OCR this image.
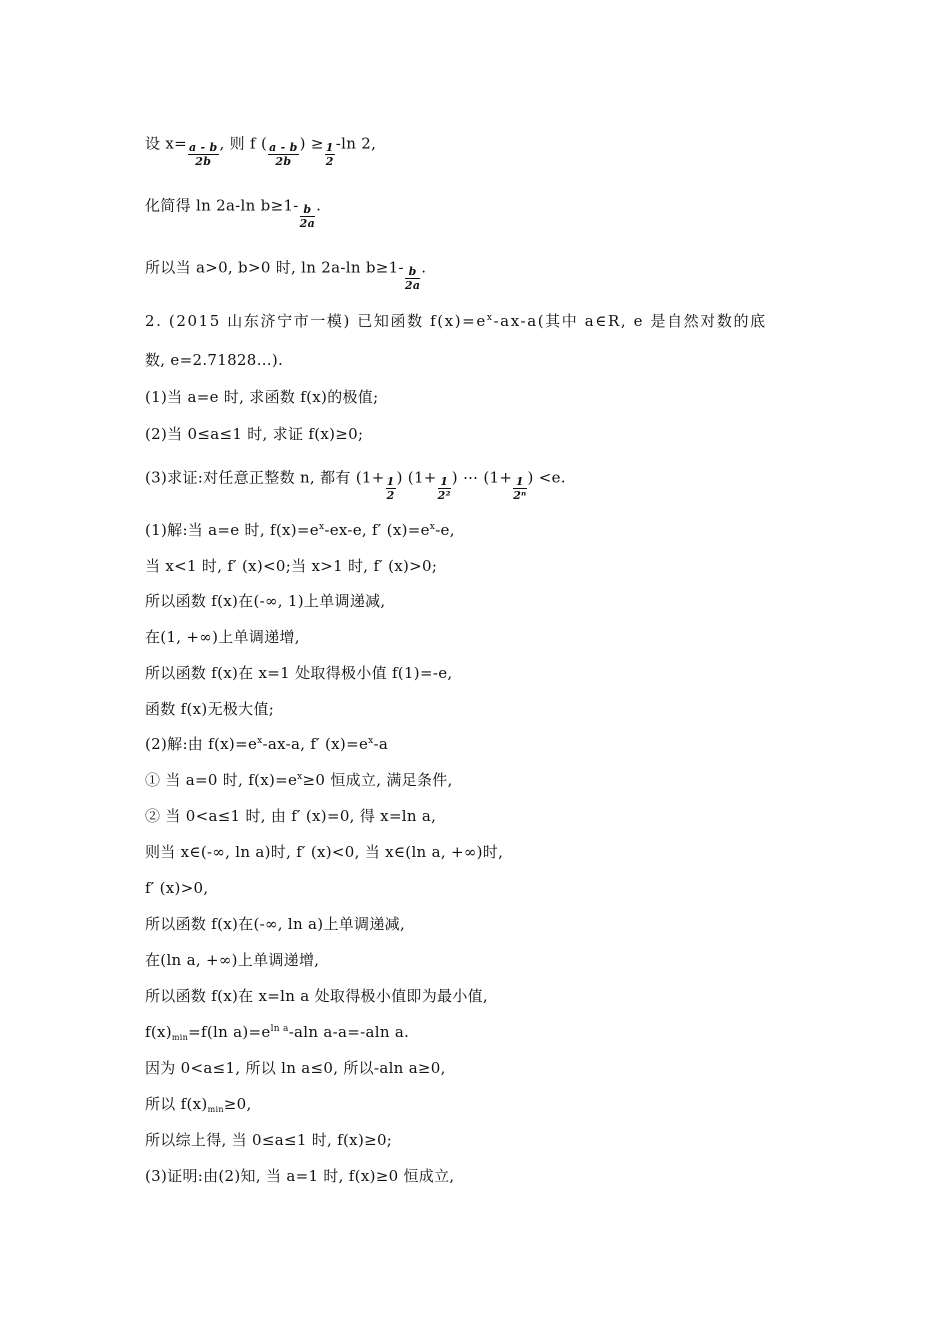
设 $x= \frac{a - b}{2b}$ , 则 f ( $\frac{a - b}{2b}$ ) ≥ $\frac{1}{2} -\ln$ 2,
化简得 ln 2a-ln $b\ge 1- \frac{b}{2a}$ .
所以当 a>0, b>0 时, ln 2a-ln $b\ge 1- \frac{b}{2a}$ .
2. (2015 山东济宁市一模) 已知函数 $f(x)=e^x-ax-a$(其中 a∈R, e 是自然对数的底
数, e=2.71828…).
(1)当 a=e 时, 求函数 f(x)的极值;
(2)当 0≤a≤1 时, 求证 f(x)≥0;
(3)求证:对任意正整数 n, 都有 ($1+ \frac{1}{2}$ ) ($1+ \frac{1}{\text{2²}}$ ) ⋯ ($1+ \frac{1}{\text{2ⁿ}}$ ) <e.
(1)解:当 a=e 时, $f(x)=e^x-ex-e$, f′ $(x)=e^x-e$,
当 x<1 时, f′ (x)<0;当 x>1 时, f′ (x)>0;
所以函数 f(x)在(-∞, 1)上单调递减,
在(1, +∞)上单调递增,
所以函数 f(x)在 x=1 处取得极小值 f(1)=-e,
函数 f(x)无极大值;
(2)解:由 $f(x)=e^x-ax-a$, f′ $(x)=e^x-a$
① 当 a=0 时, $f(x)=e^x\ge 0$ 恒成立, 满足条件,
② 当 0<a≤1 时, 由 f′ (x)=0, 得 x=ln a,
则当 x∈(-∞, ln a)时, f′ (x)<0, 当 x∈(ln a, +∞)时,
f′ (x)>0,
所以函数 f(x)在(-∞, ln a)上单调递减,
在(ln a, +∞)上单调递增,
所以函数 f(x)在 x=ln a 处取得极小值即为最小值,
$f(x)_{min}=f(\ln$ $a)=e^{ln a}$-aln a-a=-aln a.
因为 0<a≤1, 所以 ln a≤0, 所以-aln a≥0,
所以 $f(x)_{min}\ge 0$,
所以综上得, 当 0≤a≤1 时, f(x)≥0;
(3)证明:由(2)知, 当 a=1 时, f(x)≥0 恒成立,
